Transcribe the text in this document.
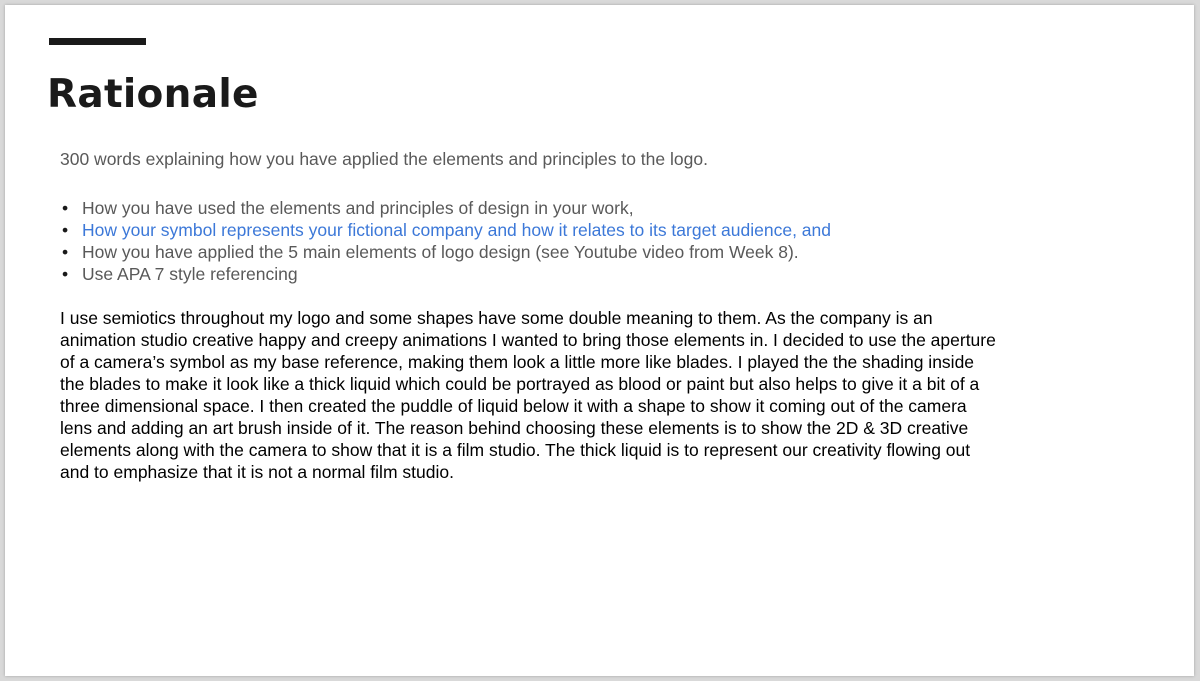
Rationale

300 words explaining how you have applied the elements and principles to the logo.

• How you have used the elements and principles of design in your work,
• How your symbol represents your fictional company and how it relates to its target audience, and
• How you have applied the 5 main elements of logo design (see Youtube video from Week 8).
• Use APA 7 style referencing
I use semiotics throughout my logo and some shapes have some double meaning to them. As the company is an
animation studio creative happy and creepy animations I wanted to bring those elements in. I decided to use the aperture
of a camera’s symbol as my base reference, making them look a little more like blades. I played the the shading inside
the blades to make it look like a thick liquid which could be portrayed as blood or paint but also helps to give it a bit of a
three dimensional space. I then created the puddle of liquid below it with a shape to show it coming out of the camera
lens and adding an art brush inside of it. The reason behind choosing these elements is to show the 2D & 3D creative
elements along with the camera to show that it is a film studio. The thick liquid is to represent our creativity flowing out
and to emphasize that it is not a normal film studio.
